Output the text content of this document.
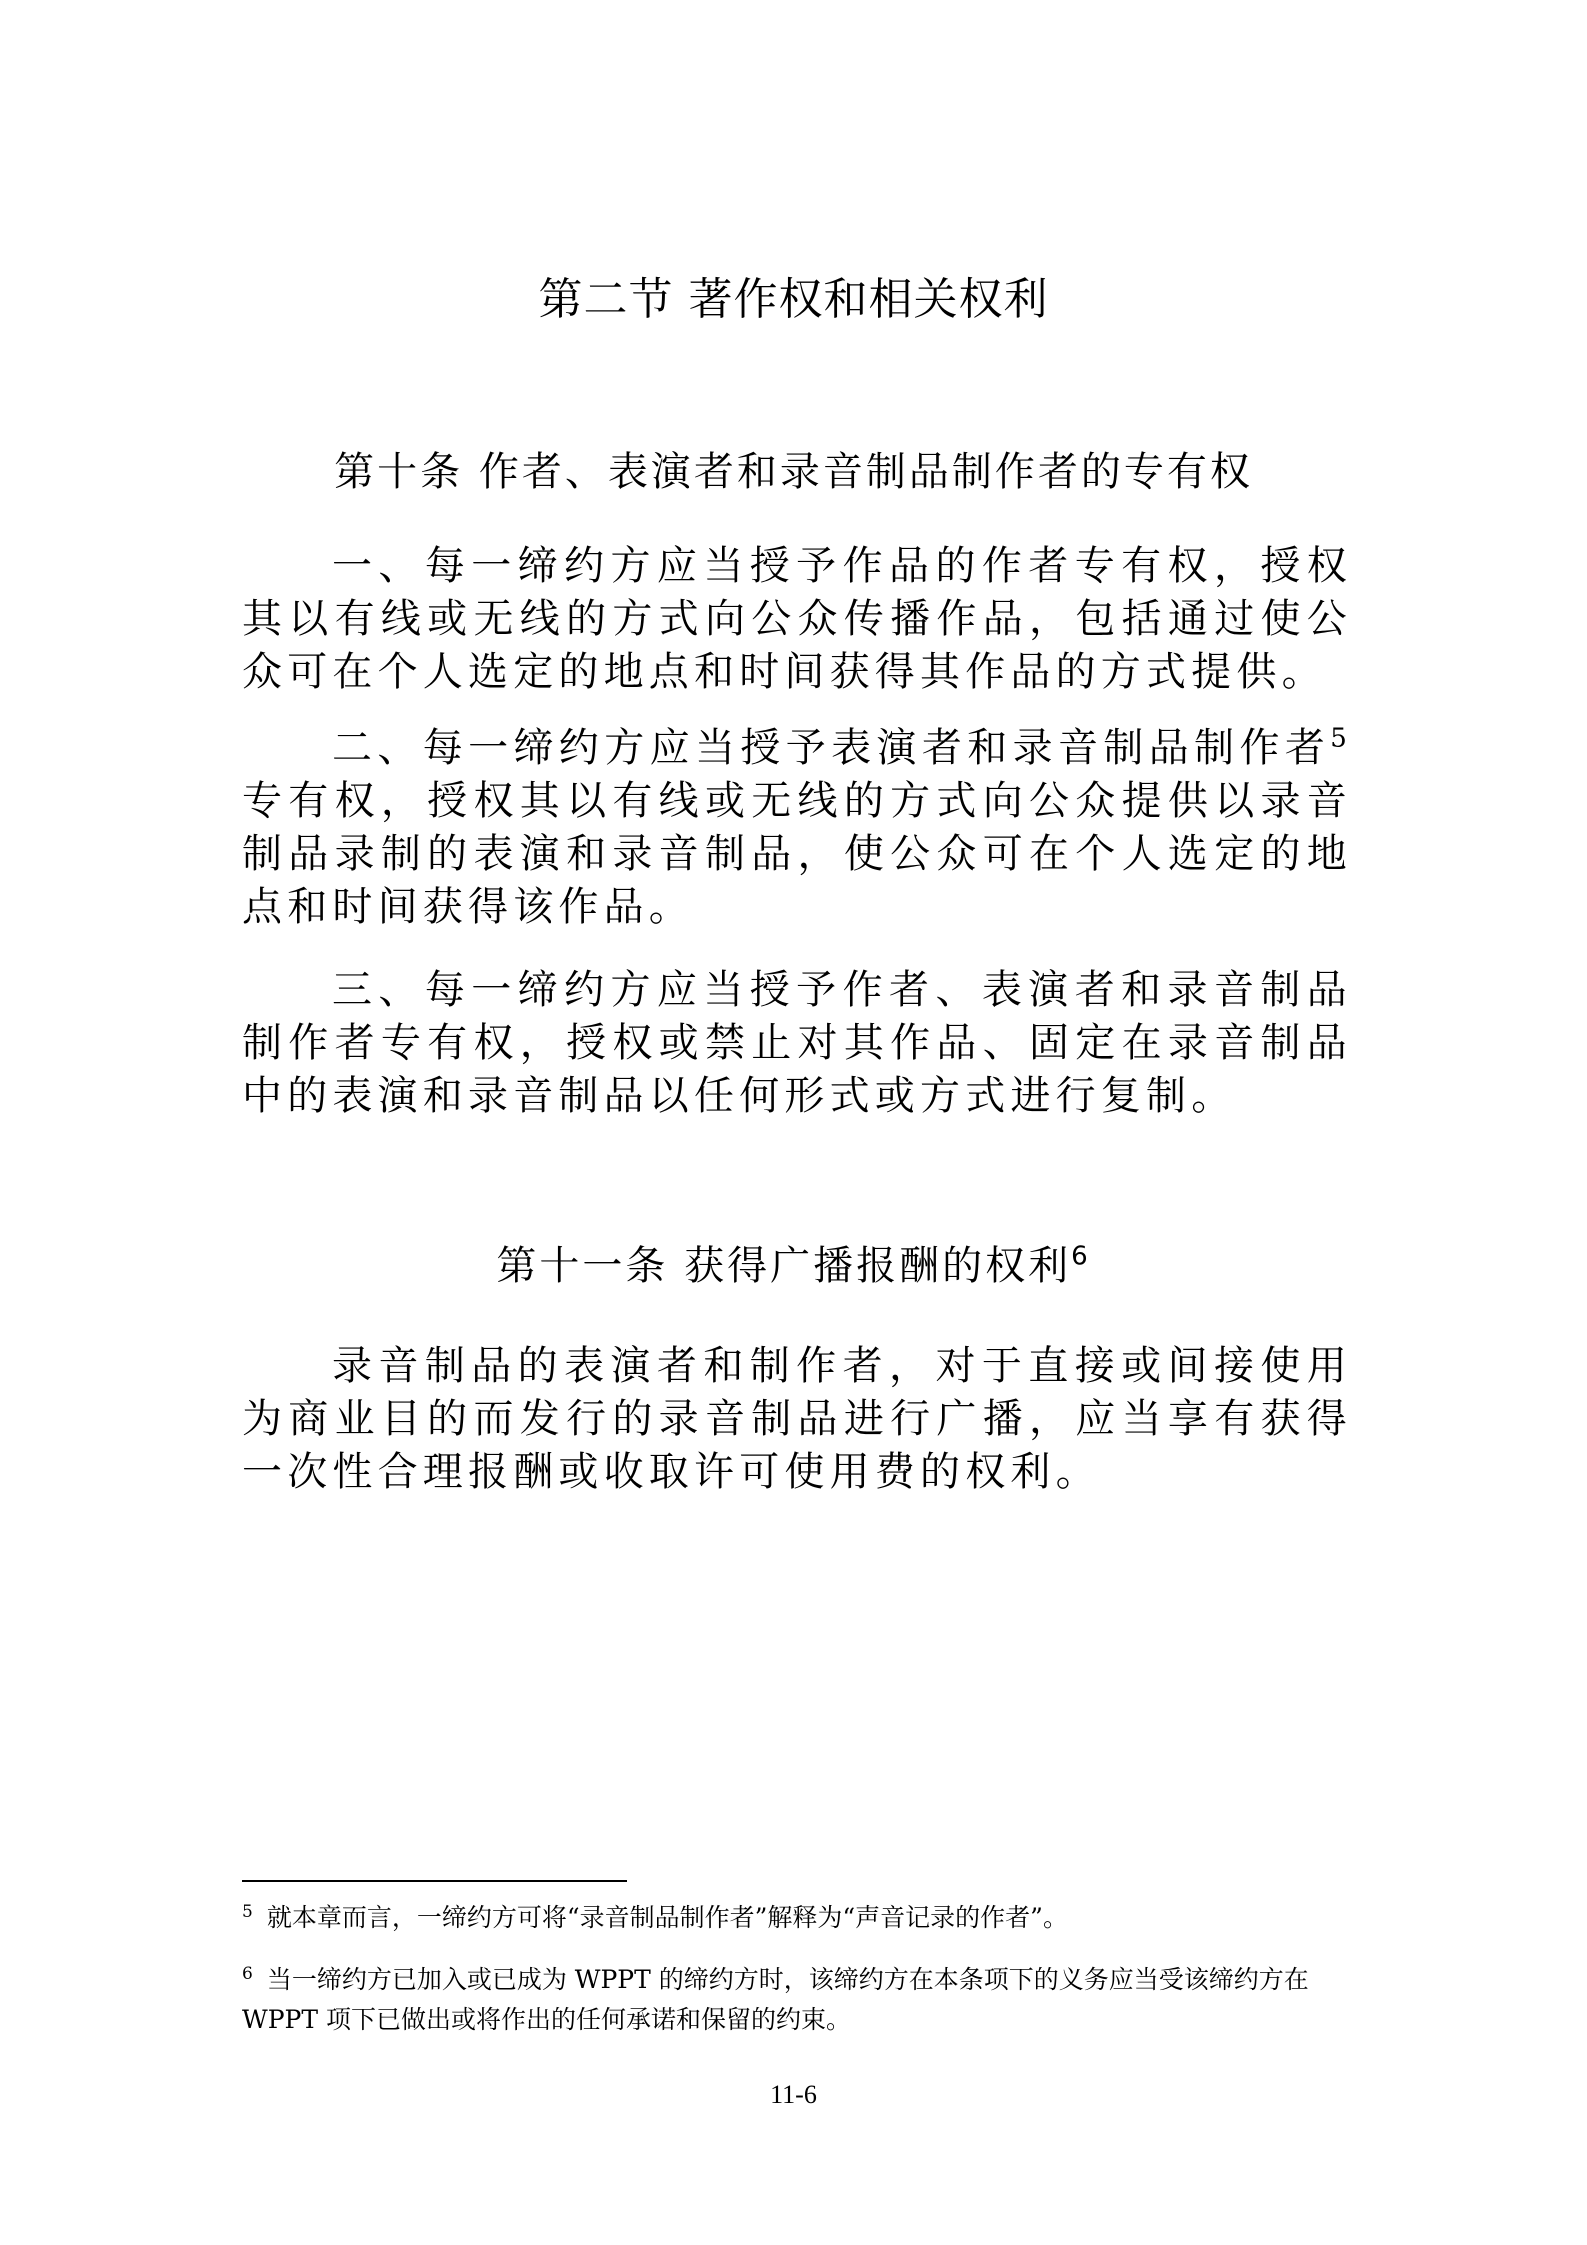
第二节 著作权和相关权利
第十条 作者、表演者和录音制品制作者的专有权

一、每一缔约方应当授予作品的作者专有权，授权其以有线或无线的方式向公众传播作品，包括通过使公众可在个人选定的地点和时间获得其作品的方式提供。

二、每一缔约方应当授予表演者和录音制品制作者$^5$专有权，授权其以有线或无线的方式向公众提供以录音制品录制的表演和录音制品，使公众可在个人选定的地点和时间获得该作品。

三、每一缔约方应当授予作者、表演者和录音制品制作者专有权，授权或禁止对其作品、固定在录音制品中的表演和录音制品以任何形式或方式进行复制。

第十一条 获得广播报酬的权利$^6$

录音制品的表演者和制作者，对于直接或间接使用为商业目的而发行的录音制品进行广播，应当享有获得一次性合理报酬或收取许可使用费的权利。

$^5$ 就本章而言，一缔约方可将“录音制品制作者”解释为“声音记录的作者”。

$^6$ 当一缔约方已加入或已成为 WPPT 的缔约方时，该缔约方在本条项下的义务应当受该缔约方在 WPPT 项下已做出或将作出的任何承诺和保留的约束。

11-6
